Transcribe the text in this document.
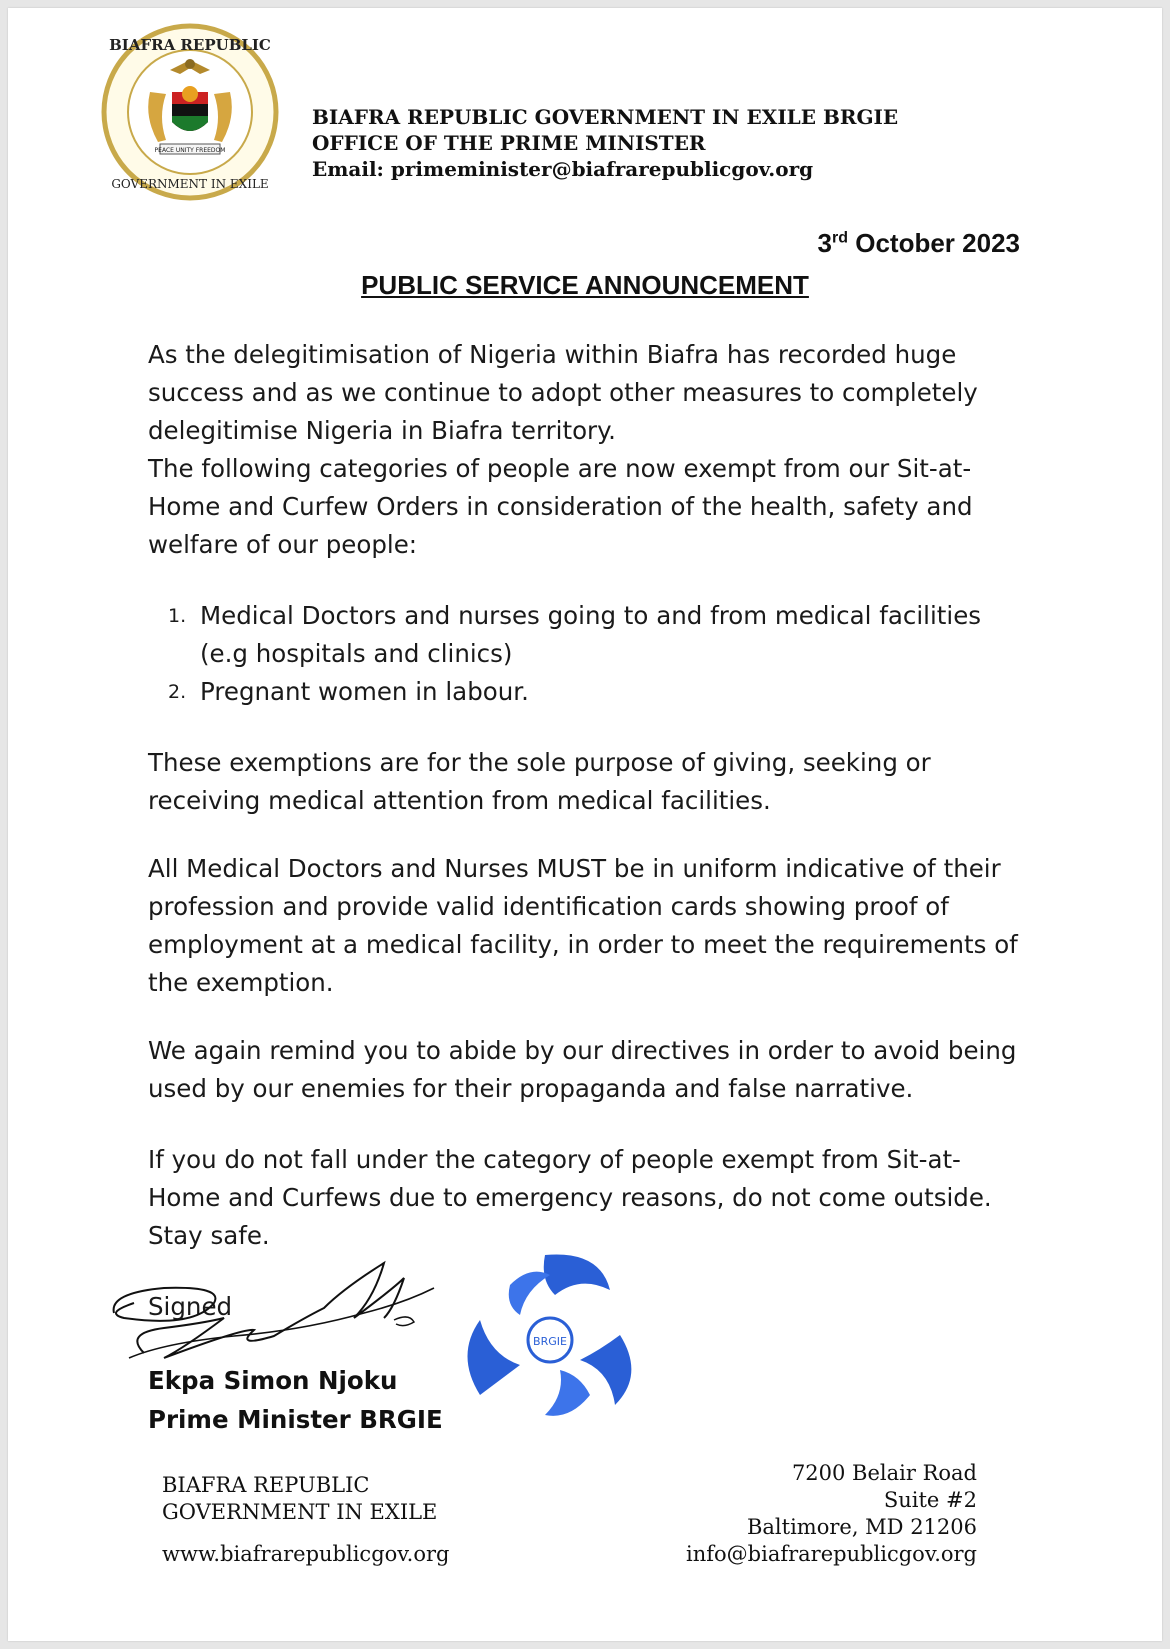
BIAFRA REPUBLIC
GOVERNMENT IN EXILE
PEACE UNITY FREEDOM
BIAFRA REPUBLIC GOVERNMENT IN EXILE BRGIE
OFFICE OF THE PRIME MINISTER
Email: primeminister@biafrarepublicgov.org
3rd October 2023
PUBLIC SERVICE ANNOUNCEMENT
As the delegitimisation of Nigeria within Biafra has recorded huge success and as we continue to adopt other measures to completely delegitimise Nigeria in Biafra territory.
The following categories of people are now exempt from our Sit-at-Home and Curfew Orders in consideration of the health, safety and welfare of our people:
1. Medical Doctors and nurses going to and from medical facilities (e.g hospitals and clinics)
2. Pregnant women in labour.
These exemptions are for the sole purpose of giving, seeking or receiving medical attention from medical facilities.
All Medical Doctors and Nurses MUST be in uniform indicative of their profession and provide valid identification cards showing proof of employment at a medical facility, in order to meet the requirements of the exemption.
We again remind you to abide by our directives in order to avoid being used by our enemies for their propaganda and false narrative.
If you do not fall under the category of people exempt from Sit-at-Home and Curfews due to emergency reasons, do not come outside. Stay safe.
BRGIE
Signed
Ekpa Simon Njoku
Prime Minister BRGIE
BIAFRA REPUBLIC
GOVERNMENT IN EXILE
www.biafrarepublicgov.org
7200 Belair Road
Suite #2
Baltimore, MD 21206
info@biafrarepublicgov.org
